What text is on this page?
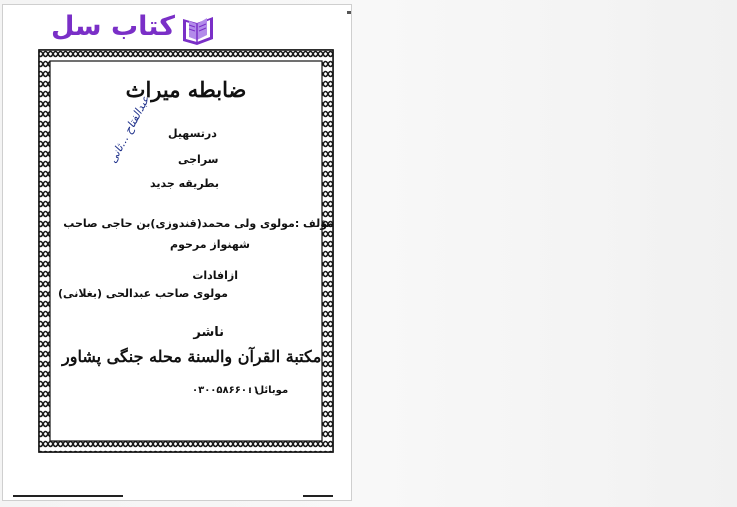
کتاب سل
ضابطه میراث
درتسهیل
سراجی
بطریقه جدید
عبدالفتاح ...ثانی
مؤلف :مولوی ولی محمد(قندوزی)بن حاجی صاحب
شهنواز مرحوم
ازافادات
مولوی صاحب عبدالحی (بغلانی)
ناشر
مکتبة القرآن والسنة محله جنگی پشاور
موبائل :
۰۳۰۰۵۸۶۶۰۰۱
